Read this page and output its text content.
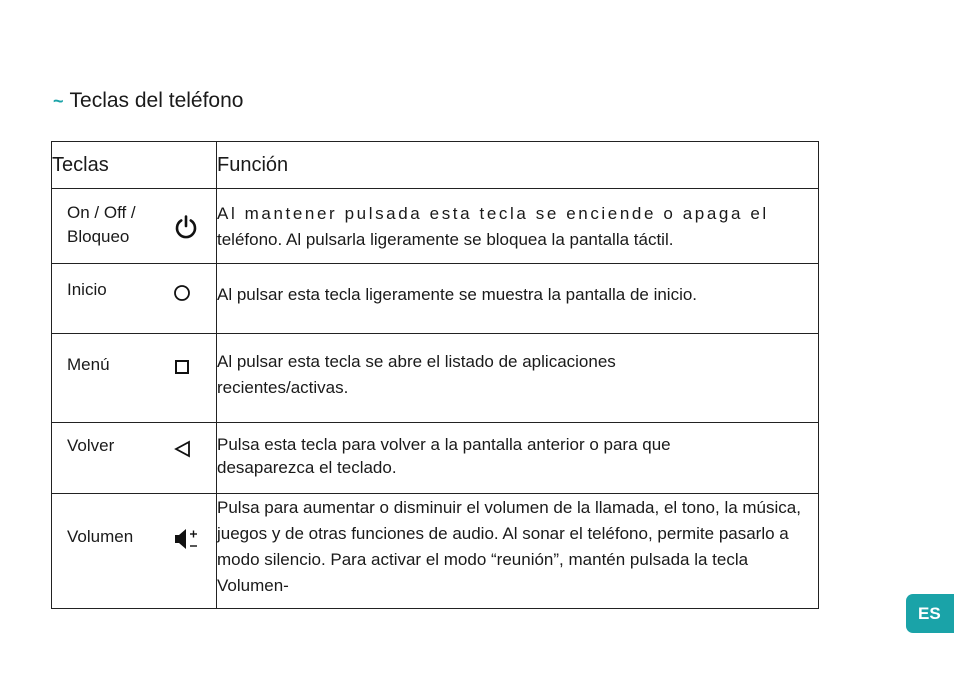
~ Teclas del teléfono
Teclas	Función

On / Off / Bloqueo	Al mantener pulsada esta tecla se enciende o apaga el
teléfono. Al pulsarla ligeramente se bloquea la pantalla táctil.

Inicio	Al pulsar esta tecla ligeramente se muestra la pantalla de inicio.

Menú	Al pulsar esta tecla se abre el listado de aplicaciones recientes/activas.

Volver	Pulsa esta tecla para volver a la pantalla anterior o para que desaparezca el teclado.

Volumen	Pulsa para aumentar o disminuir el volumen de la llamada, el tono, la música, juegos y de otras funciones de audio. Al sonar el teléfono, permite pasarlo a modo silencio. Para activar el modo “reunión”, mantén pulsada la tecla Volumen-
ES
